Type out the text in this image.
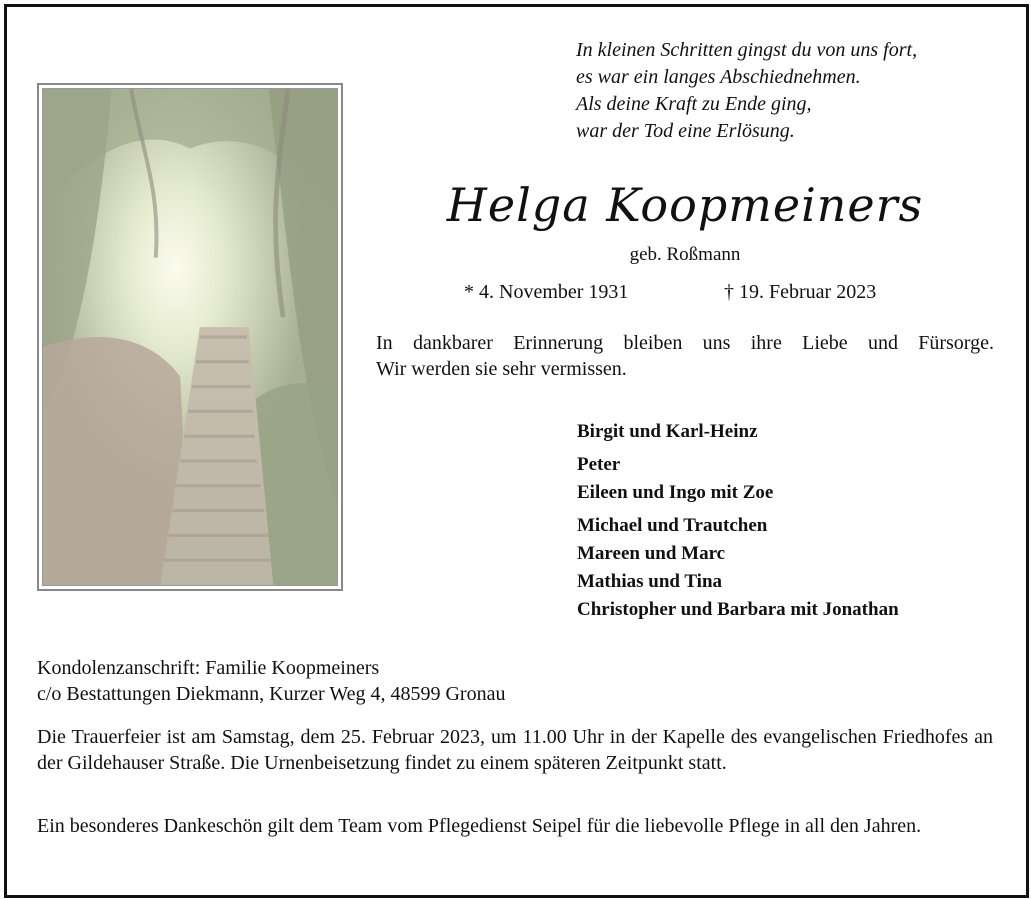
In kleinen Schritten gingst du von uns fort,
es war ein langes Abschiednehmen.
Als deine Kraft zu Ende ging,
war der Tod eine Erlösung.
Helga Koopmeiners
geb. Roßmann
* 4. November 1931	† 19. Februar 2023
In dankbarer Erinnerung bleiben uns ihre Liebe und Fürsorge.
Wir werden sie sehr vermissen.
Birgit und Karl-Heinz
Peter
Eileen und Ingo mit Zoe
Michael und Trautchen
Mareen und Marc
Mathias und Tina
Christopher und Barbara mit Jonathan
Kondolenzanschrift: Familie Koopmeiners
c/o Bestattungen Diekmann, Kurzer Weg 4, 48599 Gronau
Die Trauerfeier ist am Samstag, dem 25. Februar 2023, um 11.00 Uhr in der Kapelle des evangelischen Friedhofes an der Gildehauser Straße. Die Urnenbeisetzung findet zu einem späteren Zeitpunkt statt.
Ein besonderes Dankeschön gilt dem Team vom Pflegedienst Seipel für die liebevolle Pflege in all den Jahren.
